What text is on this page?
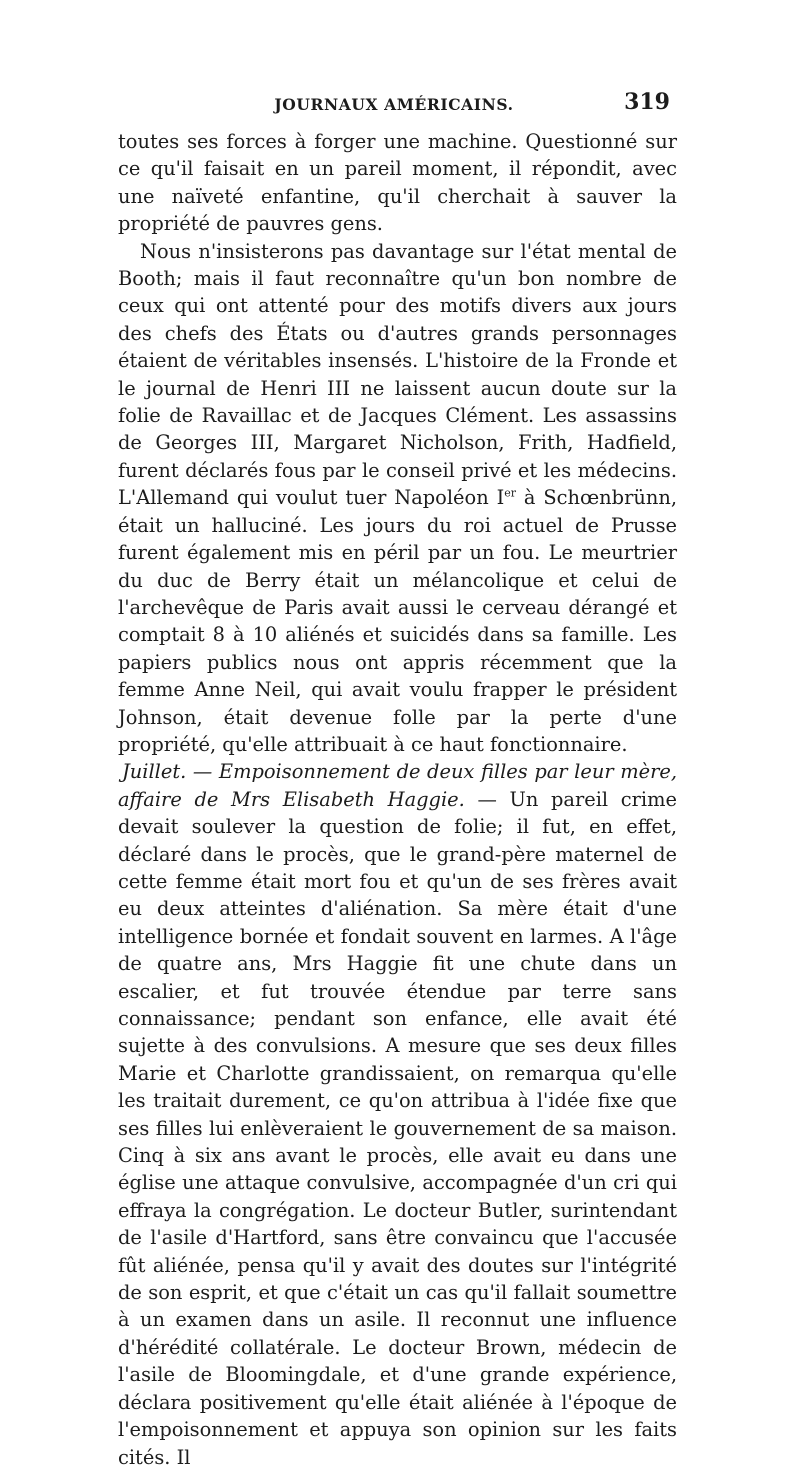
JOURNAUX AMÉRICAINS.	319

toutes ses forces à forger une machine. Questionné sur ce qu'il faisait en un pareil moment, il répondit, avec une naïveté enfantine, qu'il cherchait à sauver la propriété de pauvres gens.

Nous n'insisterons pas davantage sur l'état mental de Booth; mais il faut reconnaître qu'un bon nombre de ceux qui ont attenté pour des motifs divers aux jours des chefs des États ou d'autres grands personnages étaient de véritables insensés. L'histoire de la Fronde et le journal de Henri III ne laissent aucun doute sur la folie de Ravaillac et de Jacques Clément. Les assassins de Georges III, Margaret Nicholson, Frith, Hadfield, furent déclarés fous par le conseil privé et les médecins. L'Allemand qui voulut tuer Napoléon Ier à Schœnbrünn, était un halluciné. Les jours du roi actuel de Prusse furent également mis en péril par un fou. Le meurtrier du duc de Berry était un mélancolique et celui de l'archevêque de Paris avait aussi le cerveau dérangé et comptait 8 à 10 aliénés et suicidés dans sa famille. Les papiers publics nous ont appris récemment que la femme Anne Neil, qui avait voulu frapper le président Johnson, était devenue folle par la perte d'une propriété, qu'elle attribuait à ce haut fonctionnaire.

Juillet. — Empoisonnement de deux filles par leur mère, affaire de Mrs Elisabeth Haggie. — Un pareil crime devait soulever la question de folie; il fut, en effet, déclaré dans le procès, que le grand-père maternel de cette femme était mort fou et qu'un de ses frères avait eu deux atteintes d'aliénation. Sa mère était d'une intelligence bornée et fondait souvent en larmes. A l'âge de quatre ans, Mrs Haggie fit une chute dans un escalier, et fut trouvée étendue par terre sans connaissance; pendant son enfance, elle avait été sujette à des convulsions. A mesure que ses deux filles Marie et Charlotte grandissaient, on remarqua qu'elle les traitait durement, ce qu'on attribua à l'idée fixe que ses filles lui enlèveraient le gouvernement de sa maison. Cinq à six ans avant le procès, elle avait eu dans une église une attaque convulsive, accompagnée d'un cri qui effraya la congrégation. Le docteur Butler, surintendant de l'asile d'Hartford, sans être convaincu que l'accusée fût aliénée, pensa qu'il y avait des doutes sur l'intégrité de son esprit, et que c'était un cas qu'il fallait soumettre à un examen dans un asile. Il reconnut une influence d'hérédité collatérale. Le docteur Brown, médecin de l'asile de Bloomingdale, et d'une grande expérience, déclara positivement qu'elle était aliénée à l'époque de l'empoisonnement et appuya son opinion sur les faits cités. Il
